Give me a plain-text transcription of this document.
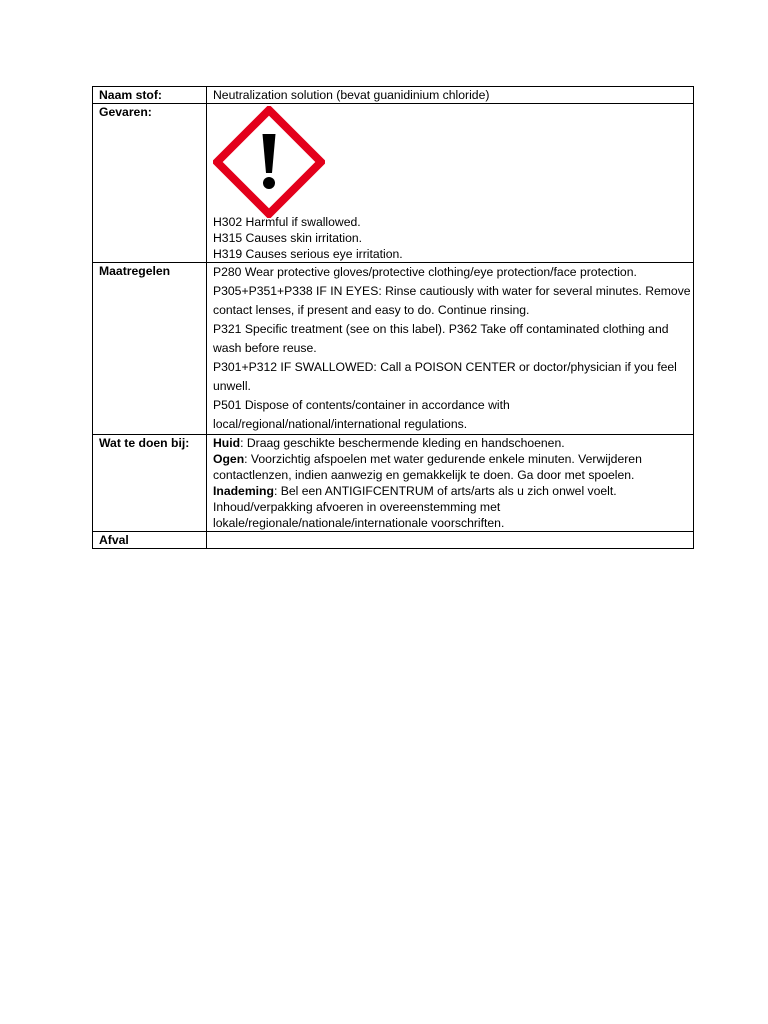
Naam stof:	Neutralization solution (bevat guanidinium chloride)
Gevaren:	H302 Harmful if swallowed.
H315 Causes skin irritation.
H319 Causes serious eye irritation.

Maatregelen	P280 Wear protective gloves/protective clothing/eye protection/face protection.

P305+P351+P338 IF IN EYES: Rinse cautiously with water for several minutes. Remove contact lenses, if present and easy to do. Continue rinsing.

P321 Specific treatment (see on this label). P362 Take off contaminated clothing and wash before reuse.

P301+P312 IF SWALLOWED: Call a POISON CENTER or doctor/physician if you feel unwell.

P501 Dispose of contents/container in accordance with local/regional/national/international regulations.

Wat te doen bij:	Huid: Draag geschikte beschermende kleding en handschoenen.
Ogen: Voorzichtig afspoelen met water gedurende enkele minuten. Verwijderen contactlenzen, indien aanwezig en gemakkelijk te doen. Ga door met spoelen.
Inademing: Bel een ANTIGIFCENTRUM of arts/arts als u zich onwel voelt.
Inhoud/verpakking afvoeren in overeenstemming met lokale/regionale/nationale/internationale voorschriften.

Afval	
